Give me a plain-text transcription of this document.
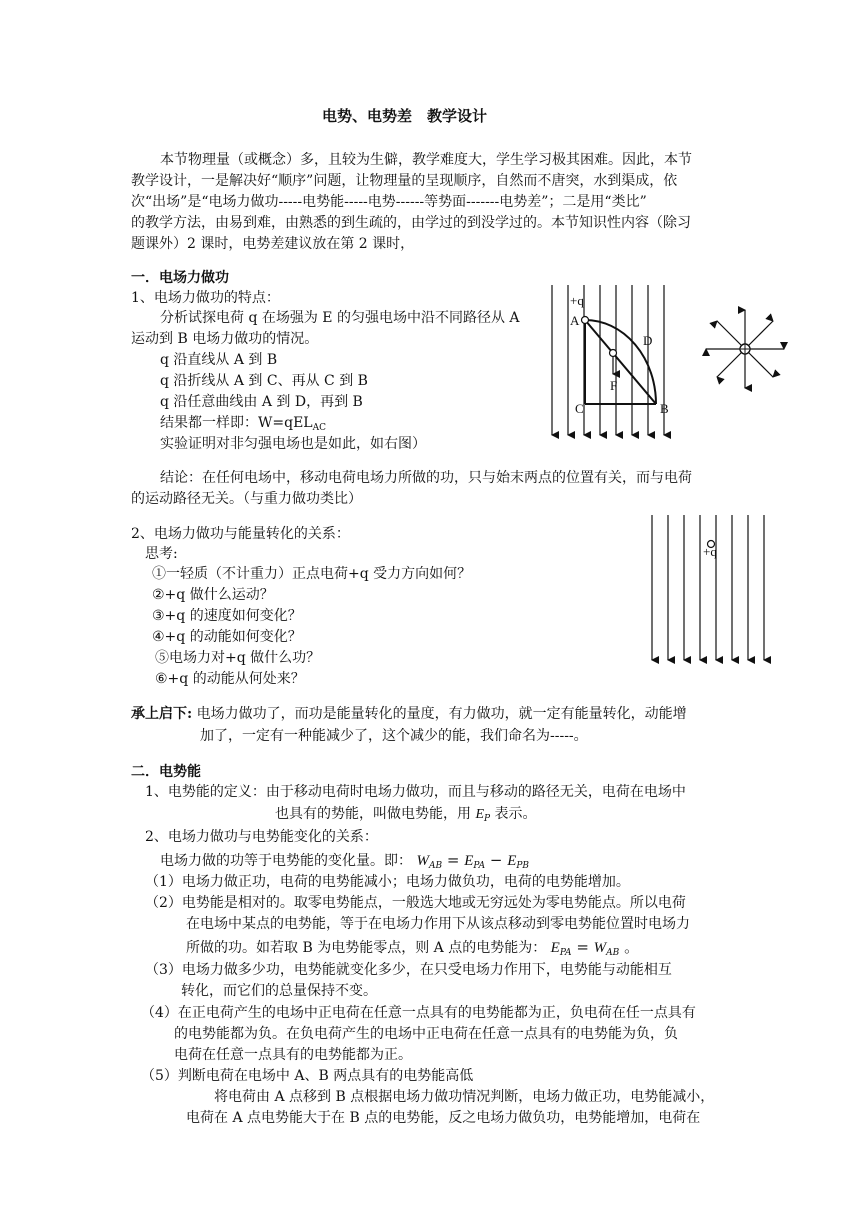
电势、电势差　教学设计
本节物理量（或概念）多，且较为生僻，教学难度大，学生学习极其困难。因此，本节
教学设计，一是解决好“顺序”问题，让物理量的呈现顺序，自然而不唐突，水到渠成，依
次“出场”是“电场力做功-----电势能-----电势------等势面-------电势差”；二是用“类比”
的教学方法，由易到难，由熟悉的到生疏的，由学过的到没学过的。本节知识性内容（除习
题课外）2 课时，电势差建议放在第 2 课时，
一．电场力做功
1、电场力做功的特点：
分析试探电荷 q 在场强为 E 的匀强电场中沿不同路径从 A
运动到 B 电场力做功的情况。
q 沿直线从 A 到 B
q 沿折线从 A 到 C、再从 C 到 B
q 沿任意曲线由 A 到 D，再到 B
结果都一样即：W=qEL$_{AC}$
实验证明对非匀强电场也是如此，如右图）
+q
A
D
F
C	B
结论：在任何电场中，移动电荷电场力所做的功，只与始末两点的位置有关，而与电荷
的运动路径无关。（与重力做功类比）
2、电场力做功与能量转化的关系：
思考:
①一轻质（不计重力）正点电荷+q 受力方向如何？
②+q 做什么运动？
③+q 的速度如何变化？
④+q 的动能如何变化？
⑤电场力对+q 做什么功？
⑥+q 的动能从何处来？
+q
承上启下: 电场力做功了，而功是能量转化的量度，有力做功，就一定有能量转化，动能增
加了，一定有一种能减少了，这个减少的能，我们命名为-----。
二．电势能
1、电势能的定义：由于移动电荷时电场力做功，而且与移动的路径无关，电荷在电场中
也具有的势能，叫做电势能，用 $E_P$ 表示。
2、电场力做功与电势能变化的关系：
电场力做的功等于电势能的变化量。即： $W_{AB} = E_{PA} - E_{PB}$
（1）电场力做正功，电荷的电势能减小；电场力做负功，电荷的电势能增加。
（2）电势能是相对的。取零电势能点，一般选大地或无穷远处为零电势能点。所以电荷
在电场中某点的电势能，等于在电场力作用下从该点移动到零电势能位置时电场力
所做的功。如若取 B 为电势能零点，则 A 点的电势能为： $E_{PA} = W_{AB}$ 。
（3）电场力做多少功，电势能就变化多少，在只受电场力作用下，电势能与动能相互
转化，而它们的总量保持不变。
（4）在正电荷产生的电场中正电荷在任意一点具有的电势能都为正，负电荷在任一点具有
的电势能都为负。在负电荷产生的电场中正电荷在任意一点具有的电势能为负，负
电荷在任意一点具有的电势能都为正。
（5）判断电荷在电场中 A、B 两点具有的电势能高低
将电荷由 A 点移到 B 点根据电场力做功情况判断，电场力做正功，电势能减小，
电荷在 A 点电势能大于在 B 点的电势能，反之电场力做负功，电势能增加，电荷在
